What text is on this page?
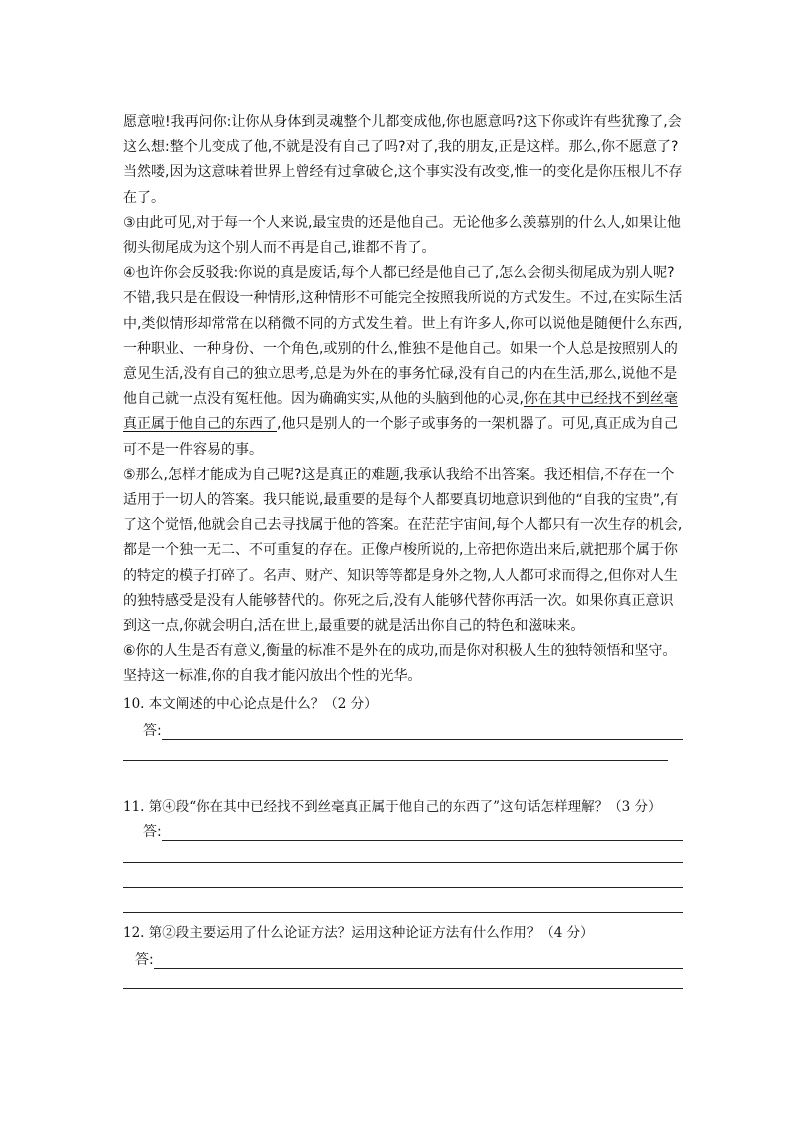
愿意啦!我再问你:让你从身体到灵魂整个儿都变成他,你也愿意吗?这下你或许有些犹豫了,会这么想:整个儿变成了他,不就是没有自己了吗?对了,我的朋友,正是这样。那么,你不愿意了?当然喽,因为这意味着世界上曾经有过拿破仑,这个事实没有改变,惟一的变化是你压根儿不存在了。

③由此可见,对于每一个人来说,最宝贵的还是他自己。无论他多么羡慕别的什么人,如果让他彻头彻尾成为这个别人而不再是自己,谁都不肯了。

④也许你会反驳我:你说的真是废话,每个人都已经是他自己了,怎么会彻头彻尾成为别人呢?不错,我只是在假设一种情形,这种情形不可能完全按照我所说的方式发生。不过,在实际生活中,类似情形却常常在以稍微不同的方式发生着。世上有许多人,你可以说他是随便什么东西,一种职业、一种身份、一个角色,或别的什么,惟独不是他自己。如果一个人总是按照别人的意见生活,没有自己的独立思考,总是为外在的事务忙碌,没有自己的内在生活,那么,说他不是他自己就一点没有冤枉他。因为确确实实,从他的头脑到他的心灵,你在其中已经找不到丝毫真正属于他自己的东西了,他只是别人的一个影子或事务的一架机器了。可见,真正成为自己可不是一件容易的事。

⑤那么,怎样才能成为自己呢?这是真正的难题,我承认我给不出答案。我还相信,不存在一个适用于一切人的答案。我只能说,最重要的是每个人都要真切地意识到他的“自我的宝贵”,有了这个觉悟,他就会自己去寻找属于他的答案。在茫茫宇宙间,每个人都只有一次生存的机会,都是一个独一无二、不可重复的存在。正像卢梭所说的,上帝把你造出来后,就把那个属于你的特定的模子打碎了。名声、财产、知识等等都是身外之物,人人都可求而得之,但你对人生的独特感受是没有人能够替代的。你死之后,没有人能够代替你再活一次。如果你真正意识到这一点,你就会明白,活在世上,最重要的就是活出你自己的特色和滋味来。

⑥你的人生是否有意义,衡量的标准不是外在的成功,而是你对积极人生的独特领悟和坚守。坚持这一标准,你的自我才能闪放出个性的光华。

10. 本文阐述的中心论点是什么？（2 分）
答:
11. 第④段“你在其中已经找不到丝毫真正属于他自己的东西了”这句话怎样理解？（3 分）
答:
12. 第②段主要运用了什么论证方法？运用这种论证方法有什么作用？（4 分）
答:
